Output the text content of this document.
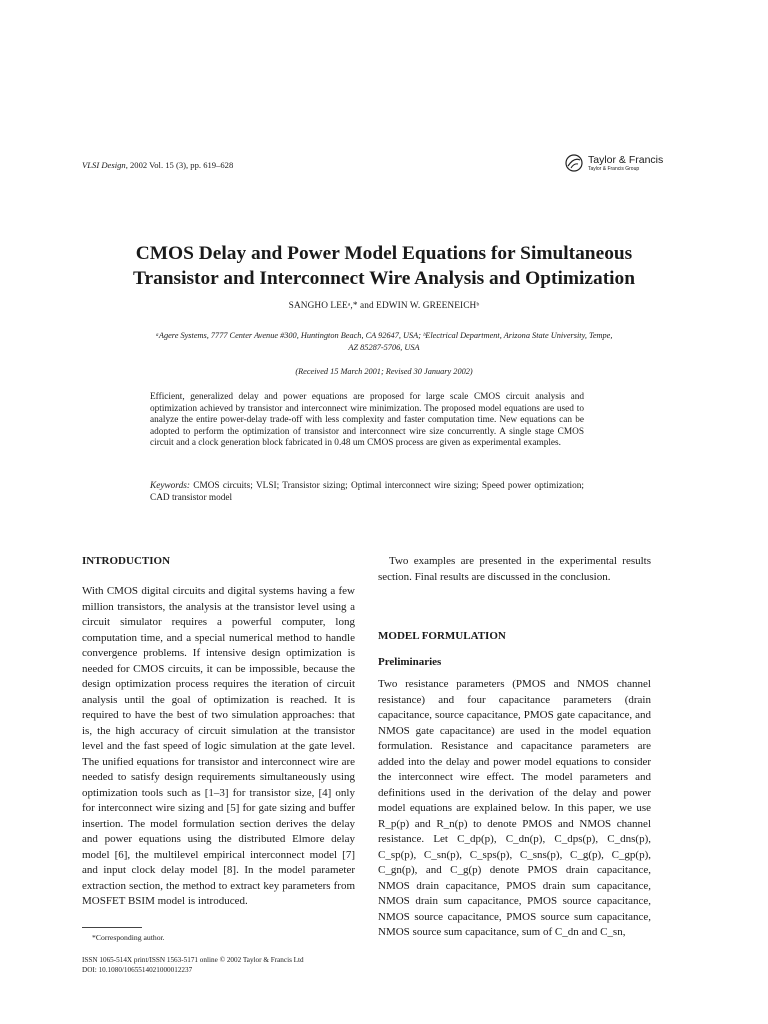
VLSI Design, 2002 Vol. 15 (3), pp. 619–628	Taylor & Francis
Taylor & Francis Group
CMOS Delay and Power Model Equations for Simultaneous
Transistor and Interconnect Wire Analysis and Optimization
SANGHO LEEᵃ,* and EDWIN W. GREENEICHᵇ
ᵃAgere Systems, 7777 Center Avenue #300, Huntington Beach, CA 92647, USA; ᵇElectrical Department, Arizona State University, Tempe,
AZ 85287-5706, USA
(Received 15 March 2001; Revised 30 January 2002)
Efficient, generalized delay and power equations are proposed for large scale CMOS circuit analysis and optimization achieved by transistor and interconnect wire minimization. The proposed model equations are used to analyze the entire power-delay trade-off with less complexity and faster computation time. New equations can be adopted to perform the optimization of transistor and interconnect wire size concurrently. A single stage CMOS circuit and a clock generation block fabricated in 0.48 um CMOS process are given as experimental examples.
Keywords: CMOS circuits; VLSI; Transistor sizing; Optimal interconnect wire sizing; Speed power optimization; CAD transistor model
INTRODUCTION
With CMOS digital circuits and digital systems having a few million transistors, the analysis at the transistor level using a circuit simulator requires a powerful computer, long computation time, and a special numerical method to handle convergence problems. If intensive design optimization is needed for CMOS circuits, it can be impossible, because the design optimization process requires the iteration of circuit analysis until the goal of optimization is reached. It is required to have the best of two simulation approaches: that is, the high accuracy of circuit simulation at the transistor level and the fast speed of logic simulation at the gate level. The unified equations for transistor and interconnect wire are needed to satisfy design requirements simultaneously using optimization tools such as [1–3] for transistor size, [4] only for interconnect wire sizing and [5] for gate sizing and buffer insertion. The model formulation section derives the delay and power equations using the distributed Elmore delay model [6], the multilevel empirical interconnect model [7] and input clock delay model [8]. In the model parameter extraction section, the method to extract key parameters from MOSFET BSIM model is introduced.
Two examples are presented in the experimental results section. Final results are discussed in the conclusion.
MODEL FORMULATION
Preliminaries
Two resistance parameters (PMOS and NMOS channel resistance) and four capacitance parameters (drain capacitance, source capacitance, PMOS gate capacitance, and NMOS gate capacitance) are used in the model equation formulation. Resistance and capacitance parameters are added into the delay and power model equations to consider the interconnect wire effect. The model parameters and definitions used in the derivation of the delay and power model equations are explained below. In this paper, we use R_p(p) and R_n(p) to denote PMOS and NMOS channel resistance. Let C_dp(p), C_dn(p), C_dps(p), C_dns(p), C_sp(p), C_sn(p), C_sps(p), C_sns(p), C_g(p), C_gp(p), C_gn(p), and C_g(p) denote PMOS drain capacitance, NMOS drain capacitance, PMOS drain sum capacitance, NMOS drain sum capacitance, PMOS source capacitance, NMOS source capacitance, PMOS source sum capacitance, NMOS source sum capacitance, sum of C_dn and C_sn,
*Corresponding author.
ISSN 1065-514X print/ISSN 1563-5171 online © 2002 Taylor & Francis Ltd
DOI: 10.1080/1065514021000012237
